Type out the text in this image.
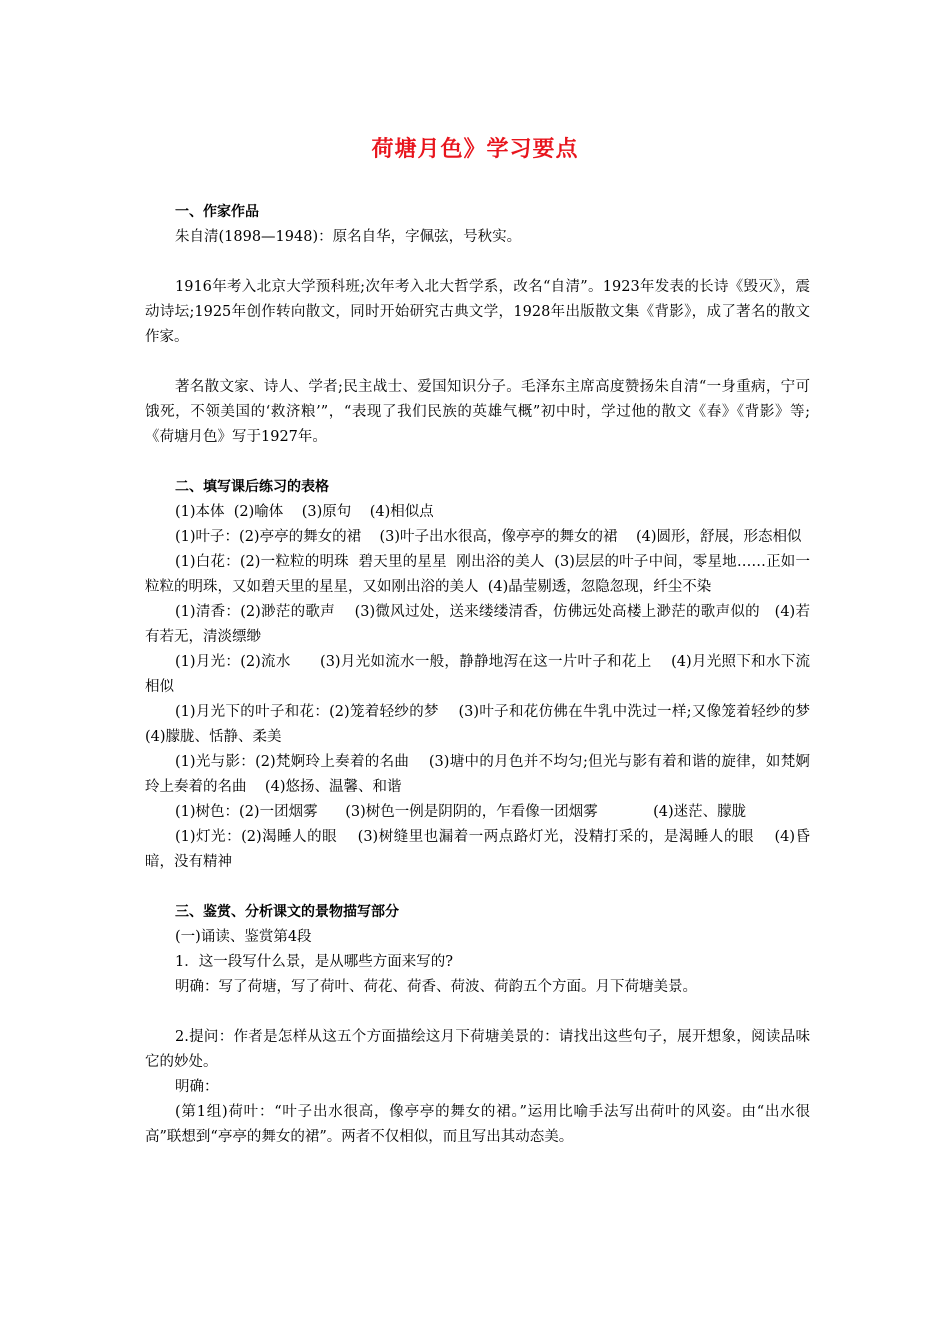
荷塘月色》学习要点
一、作家作品

朱自清(1898—1948)：原名自华，字佩弦，号秋实。

1916年考入北京大学预科班;次年考入北大哲学系，改名“自清”。1923年发表的长诗《毁灭》，震动诗坛;1925年创作转向散文，同时开始研究古典文学，1928年出版散文集《背影》，成了著名的散文作家。

著名散文家、诗人、学者;民主战士、爱国知识分子。毛泽东主席高度赞扬朱自清“一身重病，宁可饿死，不领美国的‘救济粮’”，“表现了我们民族的英雄气概”初中时，学过他的散文《春》《背影》等;《荷塘月色》写于1927年。

二、填写课后练习的表格

(1)本体  (2)喻体    (3)原句    (4)相似点

(1)叶子：(2)亭亭的舞女的裙    (3)叶子出水很高，像亭亭的舞女的裙    (4)圆形，舒展，形态相似

(1)白花：(2)一粒粒的明珠  碧天里的星星  刚出浴的美人  (3)层层的叶子中间，零星地……正如一粒粒的明珠，又如碧天里的星星，又如刚出浴的美人  (4)晶莹剔透，忽隐忽现，纤尘不染

(1)清香：(2)渺茫的歌声    (3)微风过处，送来缕缕清香，仿佛远处高楼上渺茫的歌声似的   (4)若有若无，清淡缥缈

(1)月光：(2)流水      (3)月光如流水一般，静静地泻在这一片叶子和花上    (4)月光照下和水下流相似

(1)月光下的叶子和花：(2)笼着轻纱的梦    (3)叶子和花仿佛在牛乳中洗过一样;又像笼着轻纱的梦    (4)朦胧、恬静、柔美

(1)光与影：(2)梵婀玲上奏着的名曲    (3)塘中的月色并不均匀;但光与影有着和谐的旋律，如梵婀玲上奏着的名曲    (4)悠扬、温馨、和谐

(1)树色：(2)一团烟雾      (3)树色一例是阴阴的，乍看像一团烟雾            (4)迷茫、朦胧

(1)灯光：(2)渴睡人的眼    (3)树缝里也漏着一两点路灯光，没精打采的，是渴睡人的眼    (4)昏暗，没有精神

三、鉴赏、分析课文的景物描写部分

(一)诵读、鉴赏第4段

1．这一段写什么景，是从哪些方面来写的?

明确：写了荷塘，写了荷叶、荷花、荷香、荷波、荷韵五个方面。月下荷塘美景。

2.提问：作者是怎样从这五个方面描绘这月下荷塘美景的：请找出这些句子，展开想象，阅读品味它的妙处。

明确：

(第1组)荷叶：“叶子出水很高，像亭亭的舞女的裙。”运用比喻手法写出荷叶的风姿。由“出水很高”联想到“亭亭的舞女的裙”。两者不仅相似，而且写出其动态美。
